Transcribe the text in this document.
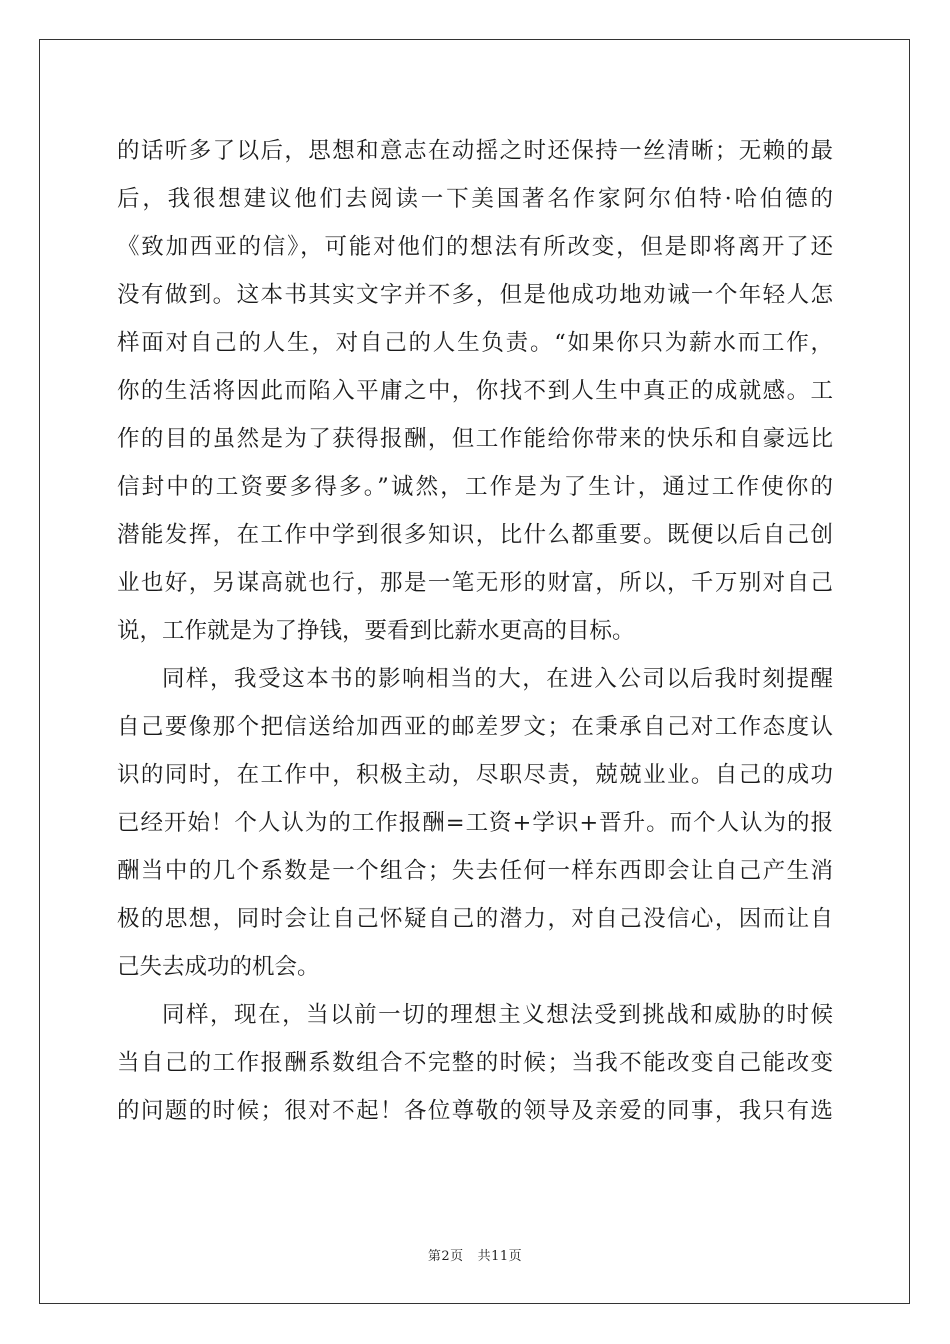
的话听多了以后，思想和意志在动摇之时还保持一丝清晰；无赖的最
后，我很想建议他们去阅读一下美国著名作家阿尔伯特·哈伯德的
《致加西亚的信》，可能对他们的想法有所改变，但是即将离开了还
没有做到。这本书其实文字并不多，但是他成功地劝诫一个年轻人怎
样面对自己的人生，对自己的人生负责。“如果你只为薪水而工作，
你的生活将因此而陷入平庸之中，你找不到人生中真正的成就感。工
作的目的虽然是为了获得报酬，但工作能给你带来的快乐和自豪远比
信封中的工资要多得多。”诚然，工作是为了生计，通过工作使你的
潜能发挥，在工作中学到很多知识，比什么都重要。既便以后自己创
业也好，另谋高就也行，那是一笔无形的财富，所以，千万别对自己
说，工作就是为了挣钱，要看到比薪水更高的目标。
同样，我受这本书的影响相当的大，在进入公司以后我时刻提醒
自己要像那个把信送给加西亚的邮差罗文；在秉承自己对工作态度认
识的同时，在工作中，积极主动，尽职尽责，兢兢业业。自己的成功
已经开始！个人认为的工作报酬=工资+学识+晋升。而个人认为的报
酬当中的几个系数是一个组合；失去任何一样东西即会让自己产生消
极的思想，同时会让自己怀疑自己的潜力，对自己没信心，因而让自
己失去成功的机会。
同样，现在，当以前一切的理想主义想法受到挑战和威胁的时候
当自己的工作报酬系数组合不完整的时候；当我不能改变自己能改变
的问题的时候；很对不起！各位尊敬的领导及亲爱的同事，我只有选
第2页 共11页
